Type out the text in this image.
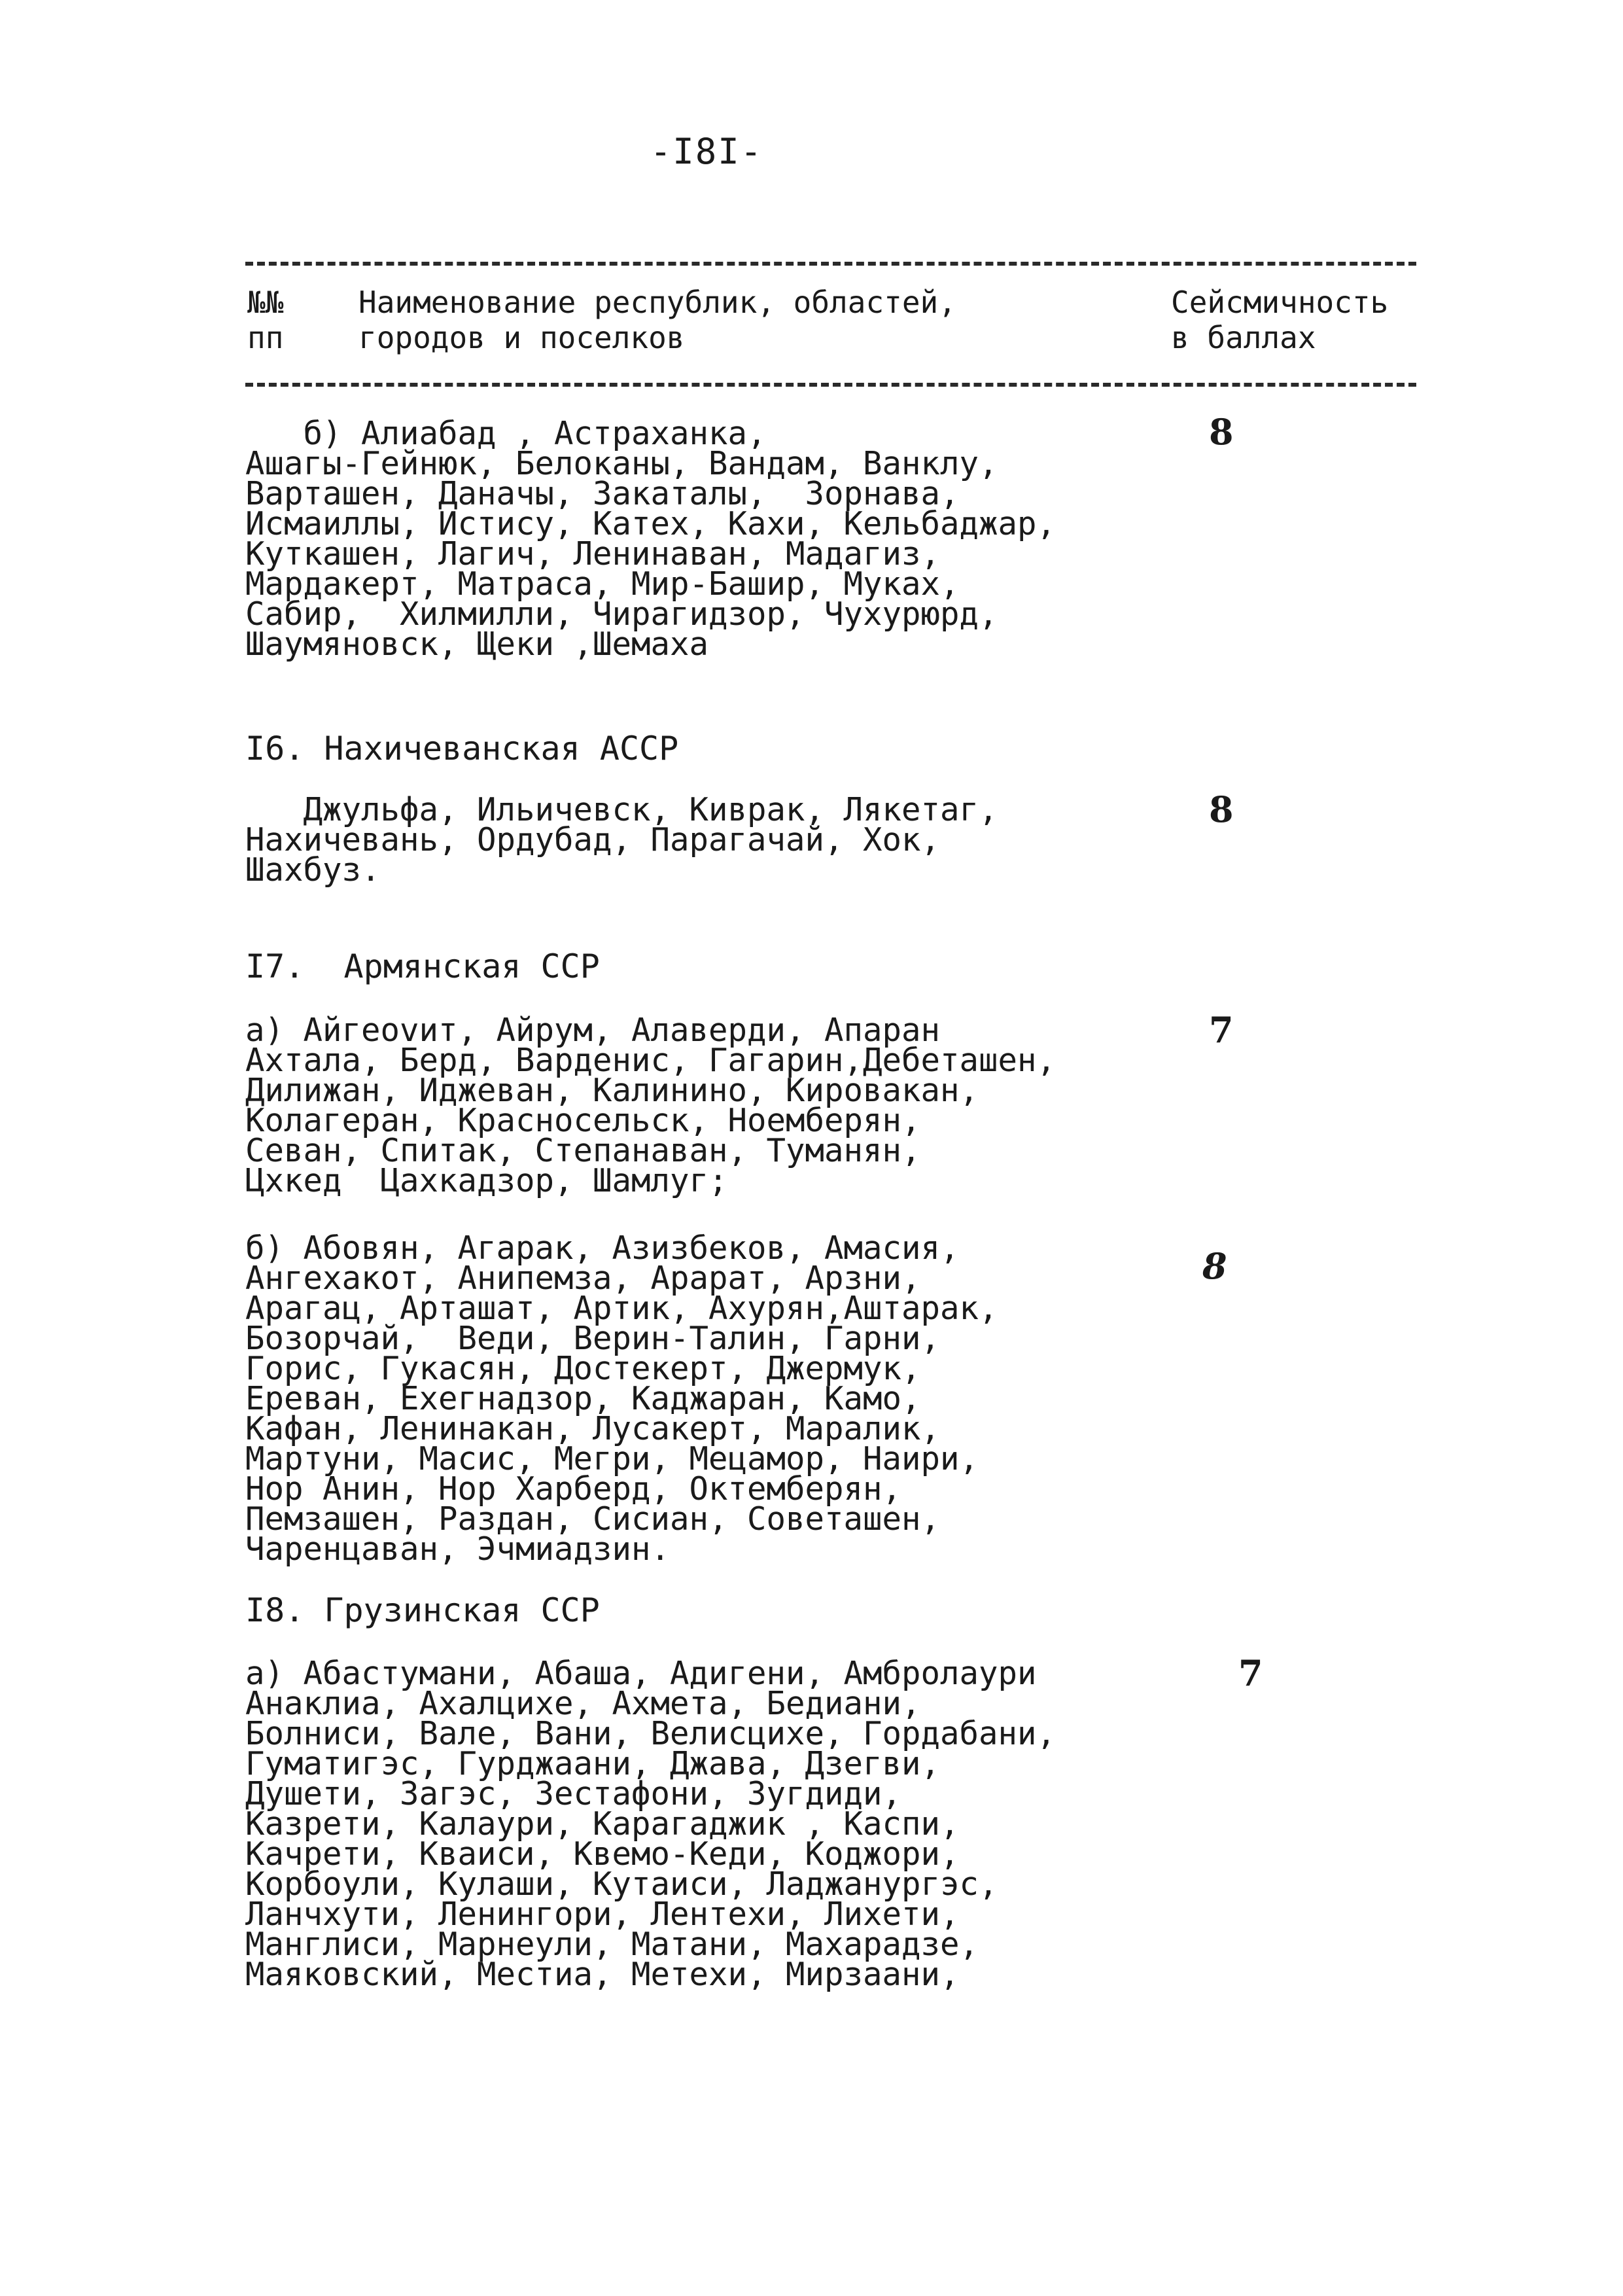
-I8I-
№№
пп
Наименование республик, областей,
городов и поселков
Сейсмичность
в баллах
б) Алиабад , Астраханка,
Ашагы-Гейнюк, Белоканы, Вандам, Ванклу,
Варташен, Даначы, Закаталы,  Зорнава,
Исмаиллы, Истису, Катех, Кахи, Кельбаджар,
Куткашен, Лагич, Ленинаван, Мадагиз,
Мардакерт, Матраса, Мир-Башир, Муках,
Сабир,  Хилмилли, Чирагидзор, Чухурюрд,
Шаумяновск, Щеки ,Шемаха
8
I6. Нахичеванская АССР
Джульфа, Ильичевск, Киврак, Лякетаг,
Нахичевань, Ордубад, Парагачай, Хок,
Шахбуз.
8
I7.  Армянская ССР
а) Айгеovит, Айрум, Алаверди, Апаран
Ахтала, Берд, Варденис, Гагарин,Дебеташен,
Дилижан, Иджеван, Калинино, Кировакан,
Колагеран, Красносельск, Ноемберян,
Севан, Спитак, Степанаван, Туманян,
Цхкед  Цахкадзор, Шамлуг;
7
б) Абовян, Агарак, Азизбеков, Амасия,
Ангехакот, Анипемза, Арарат, Арзни,
Арагац, Арташат, Артик, Ахурян,Аштарак,
Бозорчай,  Веди, Верин-Талин, Гарни,
Горис, Гукасян, Достекерт, Джермук,
Ереван, Ехегнадзор, Каджаран, Камо,
Кафан, Ленинакан, Лусакерт, Маралик,
Мартуни, Масис, Мегри, Мецамор, Наири,
Нор Анин, Нор Харберд, Октемберян,
Пемзашен, Раздан, Сисиан, Советашен,
Чаренцаван, Эчмиадзин.
8
I8. Грузинская ССР
а) Абастумани, Абаша, Адигени, Амбролаури
Анаклиа, Ахалцихе, Ахмета, Бедиани,
Болниси, Вале, Вани, Велисцихе, Гордабани,
Гуматигэс, Гурджаани, Джава, Дзегви,
Душети, Загэс, Зестафони, Зугдиди,
Казрети, Калаури, Карагаджик , Каспи,
Качрети, Кваиси, Квемо-Кеди, Коджори,
Корбоули, Кулаши, Кутаиси, Ладжанургэс,
Ланчхути, Ленингори, Лентехи, Лихети,
Манглиси, Марнеули, Матани, Махарадзе,
Маяковский, Местиа, Метехи, Мирзаани,
7
